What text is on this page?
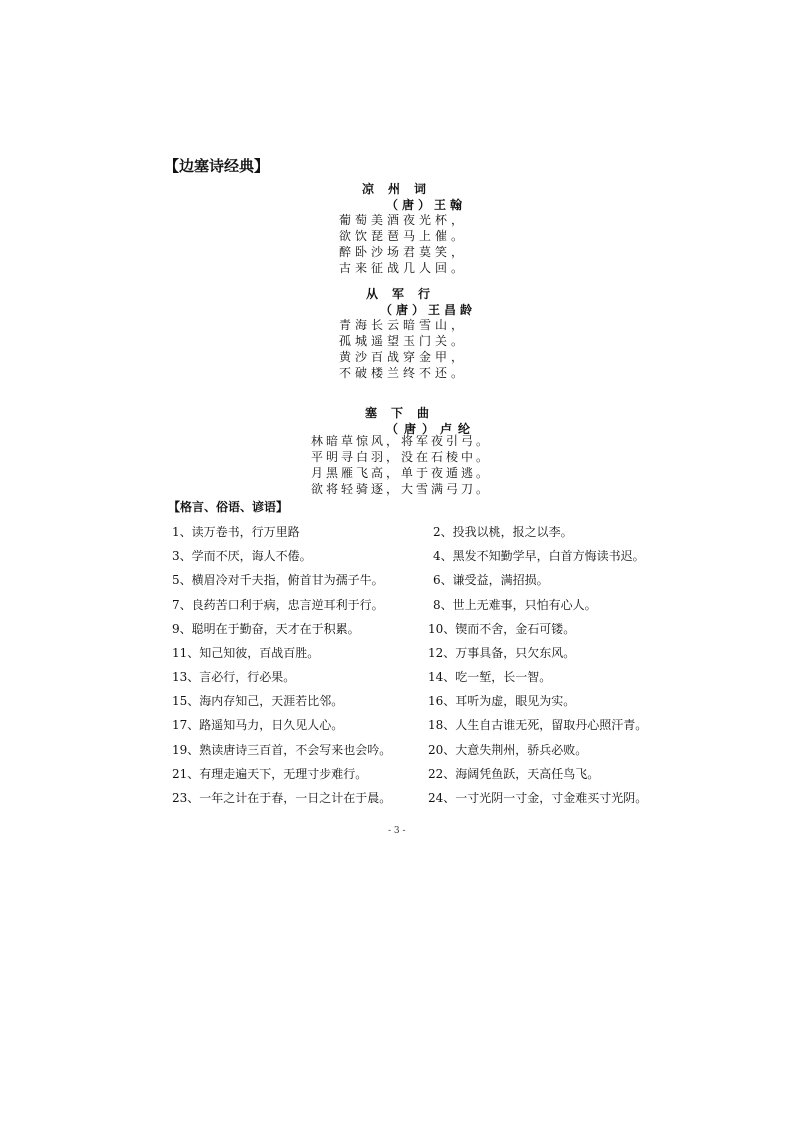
【边塞诗经典】
凉州词
（唐）王翰
葡萄美酒夜光杯，
欲饮琵琶马上催。
醉卧沙场君莫笑，
古来征战几人回。
从军行
（唐）王昌龄
青海长云暗雪山，
孤城遥望玉门关。
黄沙百战穿金甲，
不破楼兰终不还。
塞下曲
（唐）卢纶
林暗草惊风，将军夜引弓。
平明寻白羽，没在石棱中。
月黑雁飞高，单于夜遁逃。
欲将轻骑逐，大雪满弓刀。
【格言、俗语、谚语】
1、读万卷书，行万里路	2、投我以桃，报之以李。
3、学而不厌，诲人不倦。	4、黑发不知勤学早，白首方悔读书迟。
5、横眉冷对千夫指，俯首甘为孺子牛。	6、谦受益，满招损。
7、良药苦口利于病，忠言逆耳利于行。	8、世上无难事，只怕有心人。
9、聪明在于勤奋，天才在于积累。	10、锲而不舍，金石可镂。
11、知己知彼，百战百胜。	12、万事具备，只欠东风。
13、言必行，行必果。	14、吃一堑，长一智。
15、海内存知己，天涯若比邻。	16、耳听为虚，眼见为实。
17、路遥知马力，日久见人心。	18、人生自古谁无死，留取丹心照汗青。
19、熟读唐诗三百首，不会写来也会吟。	20、大意失荆州，骄兵必败。
21、有理走遍天下，无理寸步难行。	22、海阔凭鱼跃，天高任鸟飞。
23、一年之计在于春，一日之计在于晨。	24、一寸光阴一寸金，寸金难买寸光阴。
- 3 -
